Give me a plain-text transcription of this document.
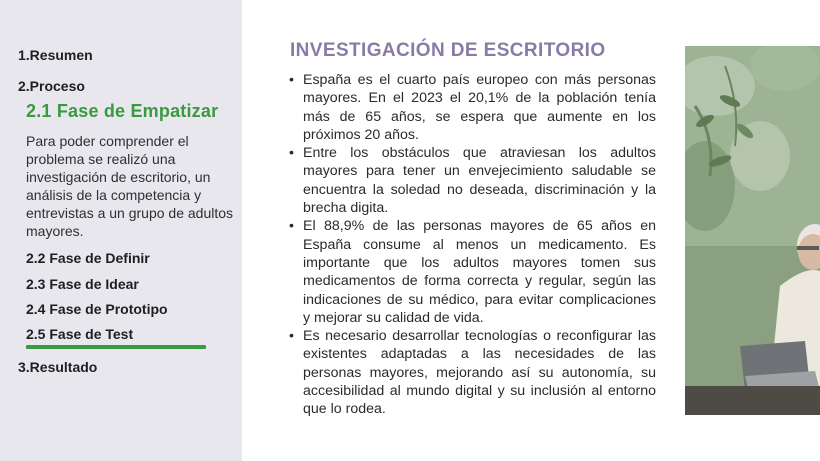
1.Resumen
2.Proceso
2.1 Fase de Empatizar
Para poder comprender el problema se realizó una investigación de escritorio, un análisis de la competencia y entrevistas a un grupo de adultos mayores.
2.2 Fase de Definir
2.3 Fase de Idear
2.4 Fase de Prototipo
2.5 Fase de Test
3.Resultado
INVESTIGACIÓN DE ESCRITORIO
• España es el cuarto país europeo con más personas mayores. En el 2023 el 20,1% de la población tenía más de 65 años, se espera que aumente en los próximos 20 años.
• Entre los obstáculos que atraviesan los adultos mayores para tener un envejecimiento saludable se encuentra la soledad no deseada, discriminación y la brecha digita.
• El 88,9% de las personas mayores de 65 años en España consume al menos un medicamento. Es importante que los adultos mayores tomen sus medicamentos de forma correcta y regular, según las indicaciones de su médico, para evitar complicaciones y mejorar su calidad de vida.
• Es necesario desarrollar tecnologías o reconfigurar las existentes adaptadas a las necesidades de las personas mayores, mejorando así su autonomía, su accesibilidad al mundo digital y su inclusión al entorno que lo rodea.
